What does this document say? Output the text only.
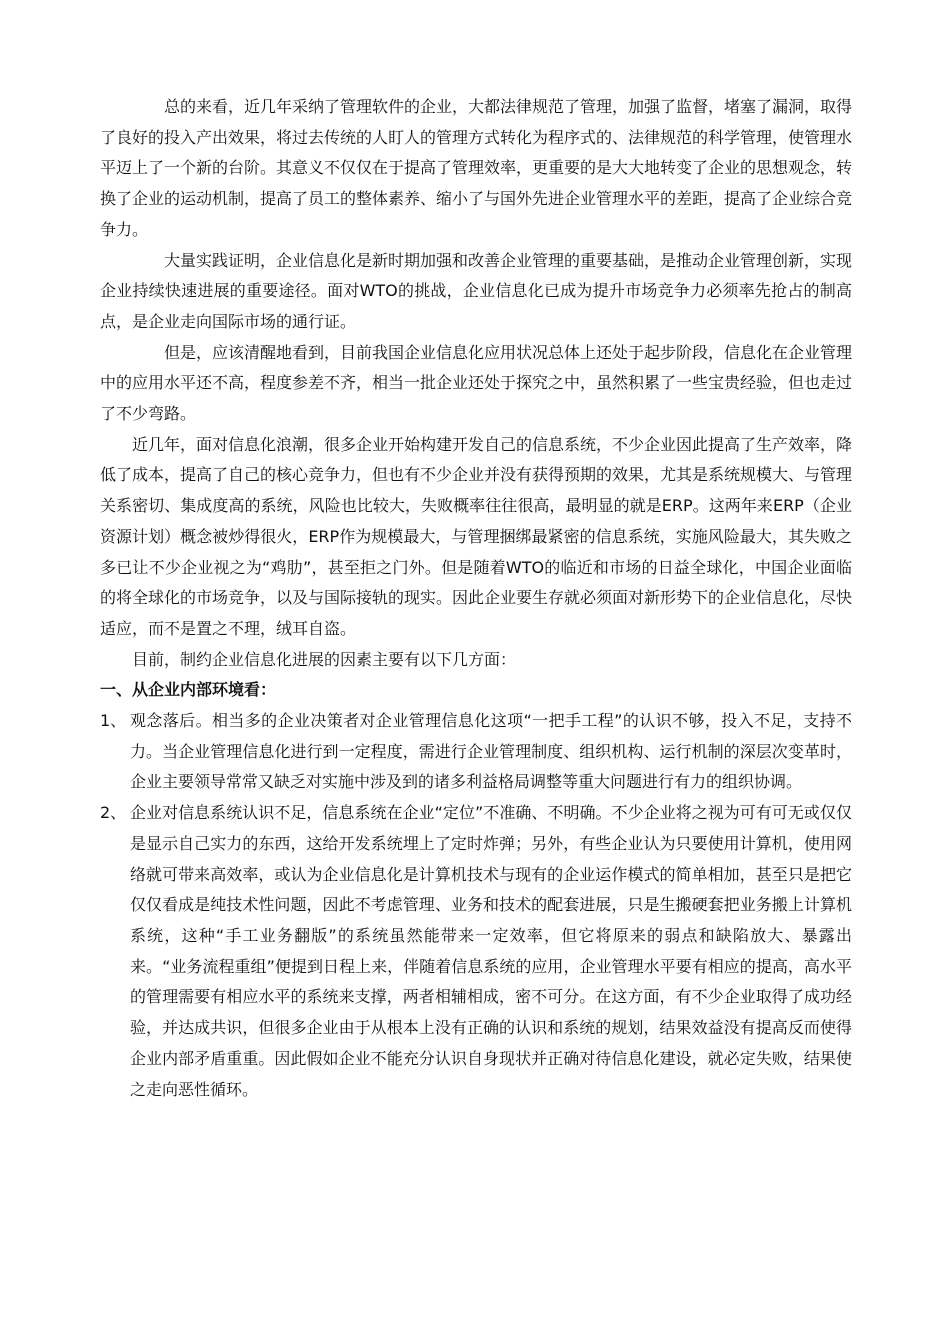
总的来看，近几年采纳了管理软件的企业，大都法律规范了管理，加强了监督，堵塞了漏洞，取得了良好的投入产出效果，将过去传统的人盯人的管理方式转化为程序式的、法律规范的科学管理，使管理水平迈上了一个新的台阶。其意义不仅仅在于提高了管理效率，更重要的是大大地转变了企业的思想观念，转换了企业的运动机制，提高了员工的整体素养、缩小了与国外先进企业管理水平的差距，提高了企业综合竞争力。

大量实践证明，企业信息化是新时期加强和改善企业管理的重要基础，是推动企业管理创新，实现企业持续快速进展的重要途径。面对WTO的挑战，企业信息化已成为提升市场竞争力必须率先抢占的制高点，是企业走向国际市场的通行证。

但是，应该清醒地看到，目前我国企业信息化应用状况总体上还处于起步阶段，信息化在企业管理中的应用水平还不高，程度参差不齐，相当一批企业还处于探究之中，虽然积累了一些宝贵经验，但也走过了不少弯路。

近几年，面对信息化浪潮，很多企业开始构建开发自己的信息系统，不少企业因此提高了生产效率，降低了成本，提高了自己的核心竞争力，但也有不少企业并没有获得预期的效果，尤其是系统规模大、与管理关系密切、集成度高的系统，风险也比较大，失败概率往往很高，最明显的就是ERP。这两年来ERP（企业资源计划）概念被炒得很火，ERP作为规模最大，与管理捆绑最紧密的信息系统，实施风险最大，其失败之多已让不少企业视之为“鸡肋”，甚至拒之门外。但是随着WTO的临近和市场的日益全球化，中国企业面临的将全球化的市场竞争，以及与国际接轨的现实。因此企业要生存就必须面对新形势下的企业信息化，尽快适应，而不是置之不理，绒耳自盗。

目前，制约企业信息化进展的因素主要有以下几方面：

一、从企业内部环境看：

1、 观念落后。相当多的企业决策者对企业管理信息化这项“一把手工程”的认识不够，投入不足，支持不力。当企业管理信息化进行到一定程度，需进行企业管理制度、组织机构、运行机制的深层次变革时，企业主要领导常常又缺乏对实施中涉及到的诸多利益格局调整等重大问题进行有力的组织协调。

2、 企业对信息系统认识不足，信息系统在企业“定位”不准确、不明确。不少企业将之视为可有可无或仅仅是显示自己实力的东西，这给开发系统埋上了定时炸弹；另外，有些企业认为只要使用计算机，使用网络就可带来高效率，或认为企业信息化是计算机技术与现有的企业运作模式的简单相加，甚至只是把它仅仅看成是纯技术性问题，因此不考虑管理、业务和技术的配套进展，只是生搬硬套把业务搬上计算机系统，这种“手工业务翻版”的系统虽然能带来一定效率，但它将原来的弱点和缺陷放大、暴露出来。“业务流程重组”便提到日程上来，伴随着信息系统的应用，企业管理水平要有相应的提高，高水平的管理需要有相应水平的系统来支撑，两者相辅相成，密不可分。在这方面，有不少企业取得了成功经验，并达成共识，但很多企业由于从根本上没有正确的认识和系统的规划，结果效益没有提高反而使得企业内部矛盾重重。因此假如企业不能充分认识自身现状并正确对待信息化建设，就必定失败，结果使之走向恶性循环。
